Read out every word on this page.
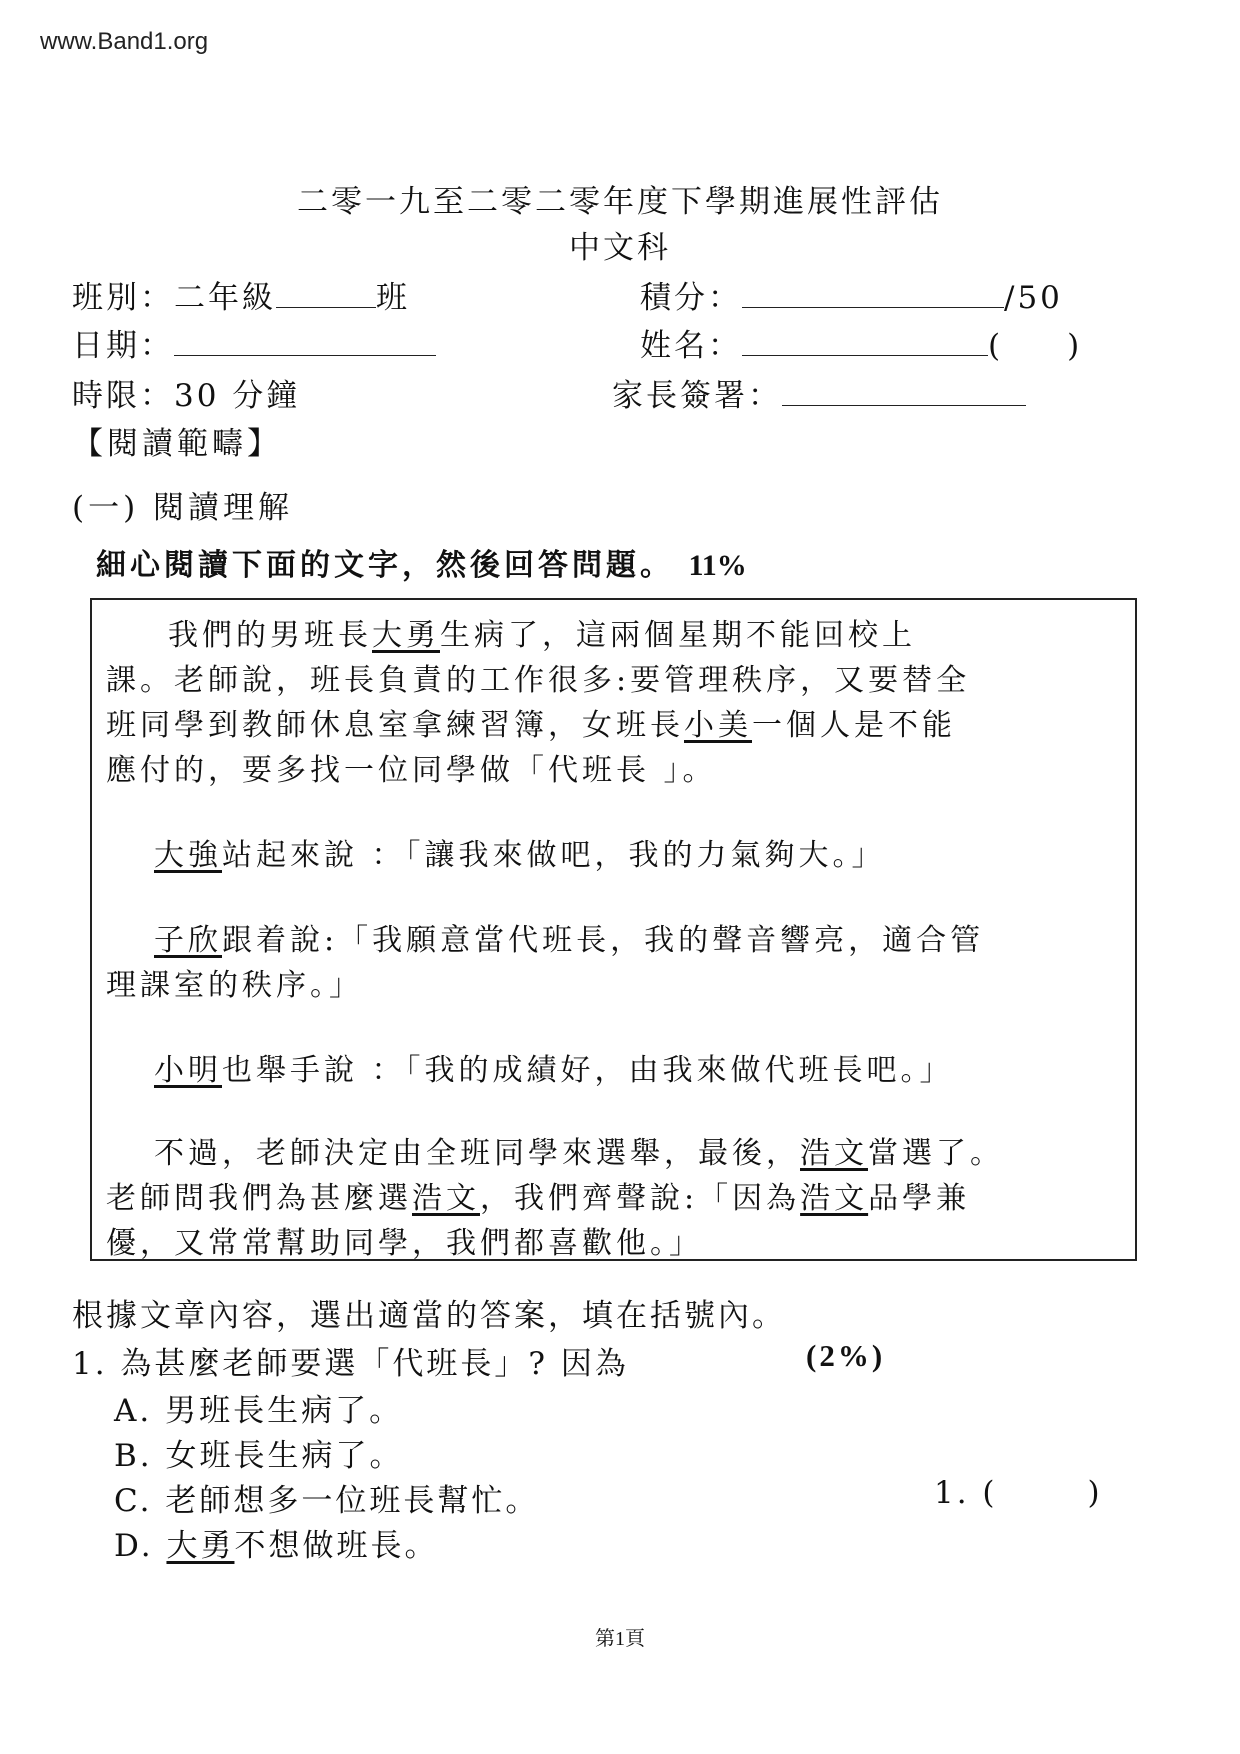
www.Band1.org
二零一九至二零二零年度下學期進展性評估
中文科
班別：二年級	班	積分：	/50
日期：	姓名：	( )
時限：30 分鐘	家長簽署：
【閱讀範疇】
(一) 閱讀理解
細心閱讀下面的文字，然後回答問題。 11%
我們的男班長大勇生病了，這兩個星期不能回校上
課。老師說，班長負責的工作很多:要管理秩序，又要替全
班同學到教師休息室拿練習簿，女班長小美一個人是不能
應付的，要多找一位同學做「代班長 」。
大強站起來說 ：「讓我來做吧，我的力氣夠大。」
子欣跟着說:「我願意當代班長，我的聲音響亮，適合管
理課室的秩序。」
小明也舉手說 ：「我的成績好，由我來做代班長吧。」
不過，老師決定由全班同學來選舉，最後，浩文當選了。
老師問我們為甚麼選浩文，我們齊聲說:「因為浩文品學兼
優，又常常幫助同學，我們都喜歡他。」
根據文章內容，選出適當的答案，填在括號內。
1. 為甚麼老師要選「代班長」? 因為	(2%)
A. 男班長生病了。
B. 女班長生病了。
C. 老師想多一位班長幫忙。
D. 大勇不想做班長。
1. (	)
第1頁
